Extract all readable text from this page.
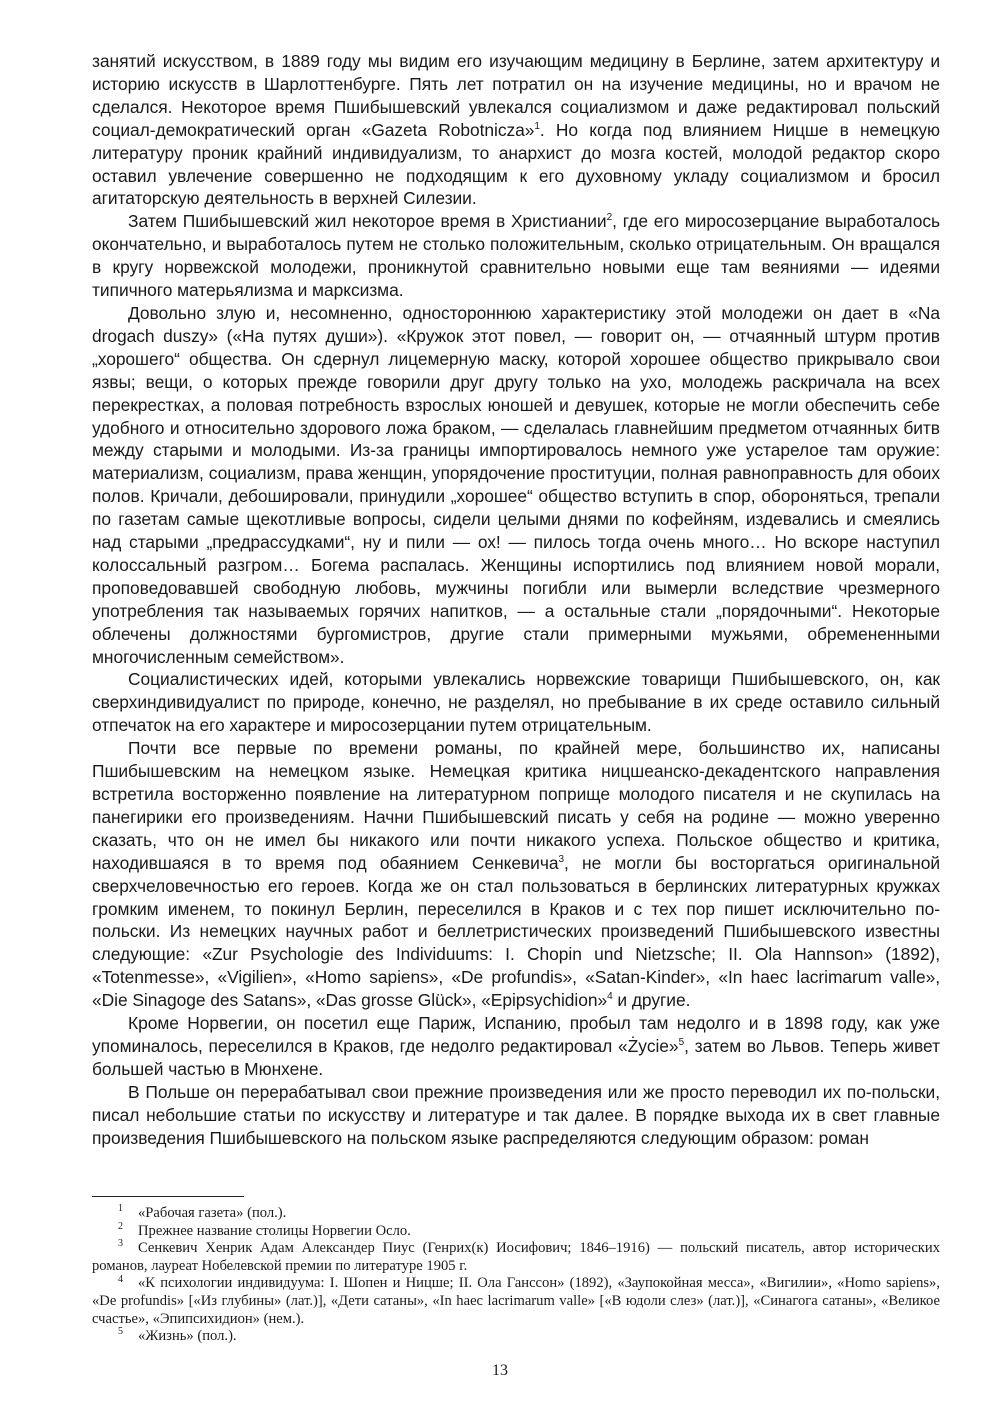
занятий искусством, в 1889 году мы видим его изучающим медицину в Берлине, затем архитектуру и историю искусств в Шарлоттенбурге. Пять лет потратил он на изучение медицины, но и врачом не сделался. Некоторое время Пшибышевский увлекался социализмом и даже редактировал польский социал-демократический орган «Gazeta Robotnicza»$^1$. Но когда под влиянием Ницше в немецкую литературу проник крайний индивидуализм, то анархист до мозга костей, молодой редактор скоро оставил увлечение совершенно не подходящим к его духовному укладу социализмом и бросил агитаторскую деятельность в верхней Силезии.

Затем Пшибышевский жил некоторое время в Христиании$^2$, где его миросозерцание выработалось окончательно, и выработалось путем не столько положительным, сколько отрицательным. Он вращался в кругу норвежской молодежи, проникнутой сравнительно новыми еще там веяниями — идеями типичного матерьялизма и марксизма.

Довольно злую и, несомненно, одностороннюю характеристику этой молодежи он дает в «Na drogach duszy» («На путях души»). «Кружок этот повел, — говорит он, — отчаянный штурм против „хорошего“ общества. Он сдернул лицемерную маску, которой хорошее общество прикрывало свои язвы; вещи, о которых прежде говорили друг другу только на ухо, молодежь раскричала на всех перекрестках, а половая потребность взрослых юношей и девушек, которые не могли обеспечить себе удобного и относительно здорового ложа браком, — сделалась главнейшим предметом отчаянных битв между старыми и молодыми. Из-за границы импортировалось немного уже устарелое там оружие: материализм, социализм, права женщин, упорядочение проституции, полная равноправность для обоих полов. Кричали, дебошировали, принудили „хорошее“ общество вступить в спор, обороняться, трепали по газетам самые щекотливые вопросы, сидели целыми днями по кофейням, издевались и смеялись над старыми „предрассудками“, ну и пили — ох! — пилось тогда очень много… Но вскоре наступил колоссальный разгром… Богема распалась. Женщины испортились под влиянием новой морали, проповедовавшей свободную любовь, мужчины погибли или вымерли вследствие чрезмерного употребления так называемых горячих напитков, — а остальные стали „порядочными“. Некоторые облечены должностями бургомистров, другие стали примерными мужьями, обремененными многочисленным семейством».

Социалистических идей, которыми увлекались норвежские товарищи Пшибышевского, он, как сверхиндивидуалист по природе, конечно, не разделял, но пребывание в их среде оставило сильный отпечаток на его характере и миросозерцании путем отрицательным.

Почти все первые по времени романы, по крайней мере, большинство их, написаны Пшибышевским на немецком языке. Немецкая критика ницшеанско-декадентского направления встретила восторженно появление на литературном поприще молодого писателя и не скупилась на панегирики его произведениям. Начни Пшибышевский писать у себя на родине — можно уверенно сказать, что он не имел бы никакого или почти никакого успеха. Польское общество и критика, находившаяся в то время под обаянием Сенкевича$^3$, не могли бы восторгаться оригинальной сверхчеловечностью его героев. Когда же он стал пользоваться в берлинских литературных кружках громким именем, то покинул Берлин, переселился в Краков и с тех пор пишет исключительно по-польски. Из немецких научных работ и беллетристических произведений Пшибышевского известны следующие: «Zur Psychologie des Individuums: I. Chopin und Nietzsche; II. Ola Hannson» (1892), «Totenmesse», «Vigilien», «Homo sapiens», «De profundis», «Satan-Kinder», «In haec lacrimarum valle», «Die Sinagoge des Satans», «Das grosse Glück», «Epipsychidion»$^4$ и другие.

Кроме Норвегии, он посетил еще Париж, Испанию, пробыл там недолго и в 1898 году, как уже упоминалось, переселился в Краков, где недолго редактировал «Życie»$^5$, затем во Львов. Теперь живет большей частью в Мюнхене.

В Польше он перерабатывал свои прежние произведения или же просто переводил их по-польски, писал небольшие статьи по искусству и литературе и так далее. В порядке выхода их в свет главные произведения Пшибышевского на польском языке распределяются следующим образом: роман

1 «Рабочая газета» (пол.).

2 Прежнее название столицы Норвегии Осло.

3 Сенкевич Хенрик Адам Александер Пиус (Генрих(к) Иосифович; 1846–1916) — польский писатель, автор исторических романов, лауреат Нобелевской премии по литературе 1905 г.

4 «К психологии индивидуума: I. Шопен и Ницше; II. Ола Ганссон» (1892), «Заупокойная месса», «Вигилии», «Homo sapiens», «De profundis» [«Из глубины» (лат.)], «Дети сатаны», «In haec lacrimarum valle» [«В юдоли слез» (лат.)], «Синагога сатаны», «Великое счастье», «Эпипсихидион» (нем.).

5 «Жизнь» (пол.).

13
